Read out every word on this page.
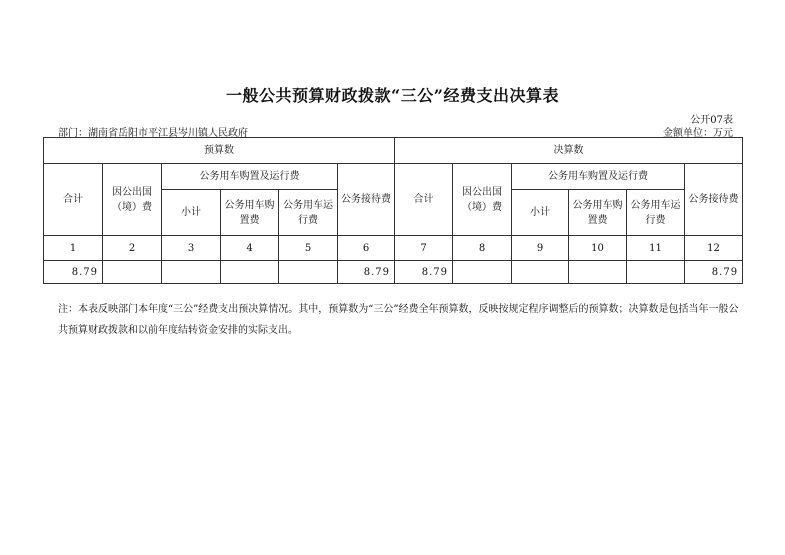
一般公共预算财政拨款“三公”经费支出决算表
公开07表
部门：湖南省岳阳市平江县岑川镇人民政府	金额单位：万元
预算数						决算数					
合计	因公出国（境）费	公务用车购置及运行费			公务接待费	合计	因公出国（境）费	公务用车购置及运行费			公务接待费
		小计	公务用车购置费	公务用车运行费				小计	公务用车购置费	公务用车运行费	
1	2	3	4	5	6	7	8	9	10	11	12
8.79					8.79	8.79					8.79
注：本表反映部门本年度“三公”经费支出预决算情况。其中，预算数为“三公”经费全年预算数，反映按规定程序调整后的预算数；决算数是包括当年一般公共预算财政拨款和以前年度结转资金安排的实际支出。
